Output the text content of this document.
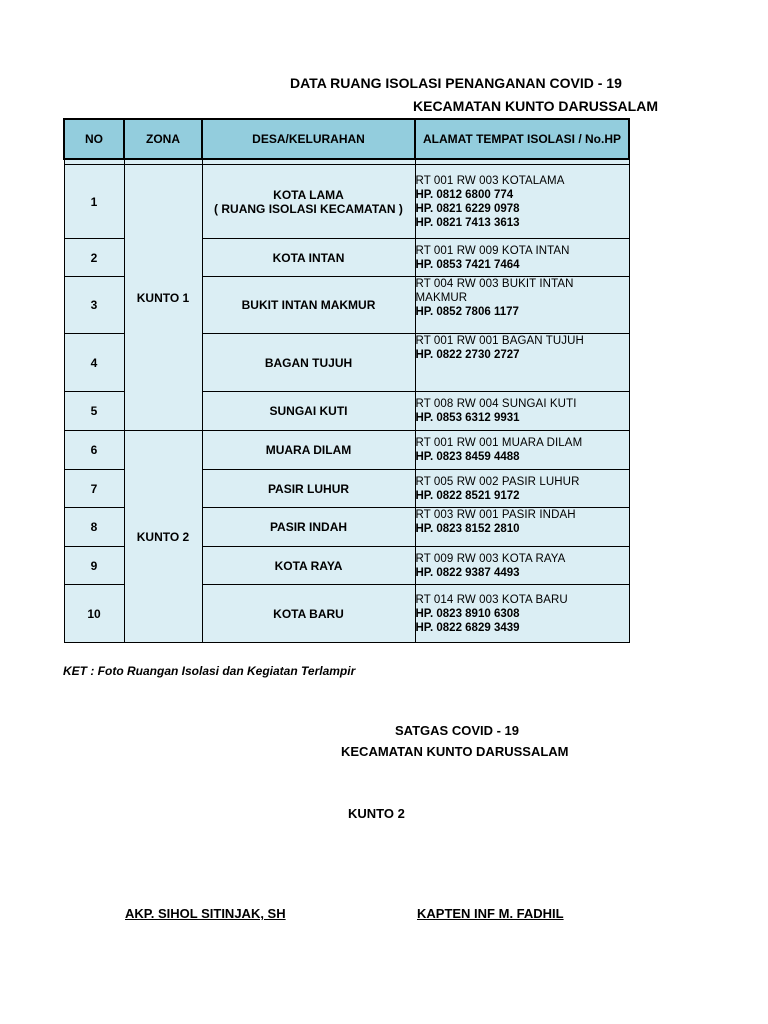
DATA RUANG ISOLASI PENANGANAN COVID - 19
KECAMATAN KUNTO DARUSSALAM
NO	ZONA	DESA/KELURAHAN	ALAMAT TEMPAT ISOLASI / No.HP

1	KUNTO 1	KOTA LAMA
( RUANG ISOLASI KECAMATAN )	RT 001 RW 003 KOTALAMA
HP. 0812 6800 774
HP. 0821 6229 0978
HP. 0821 7413 3613

2		KOTA INTAN	RT 001 RW 009 KOTA INTAN
HP. 0853 7421 7464

3		BUKIT INTAN MAKMUR	RT 004 RW 003 BUKIT INTAN MAKMUR
HP. 0852 7806 1177

4		BAGAN TUJUH	RT 001 RW 001 BAGAN TUJUH
HP. 0822 2730 2727

5		SUNGAI KUTI	RT 008 RW 004 SUNGAI KUTI
HP. 0853 6312 9931

6	KUNTO 2	MUARA DILAM	RT 001 RW 001 MUARA DILAM
HP. 0823 8459 4488

7		PASIR LUHUR	RT 005 RW 002 PASIR LUHUR
HP. 0822 8521 9172

8		PASIR INDAH	RT 003 RW 001 PASIR INDAH
HP. 0823 8152 2810

9		KOTA RAYA	RT 009 RW 003 KOTA RAYA
HP. 0822 9387 4493

10		KOTA BARU	RT 014 RW 003 KOTA BARU
HP. 0823 8910 6308
HP. 0822 6829 3439
KET : Foto Ruangan Isolasi dan Kegiatan Terlampir
SATGAS COVID - 19
KECAMATAN KUNTO DARUSSALAM
KUNTO 2
AKP. SIHOL SITINJAK, SH	KAPTEN INF M. FADHIL
